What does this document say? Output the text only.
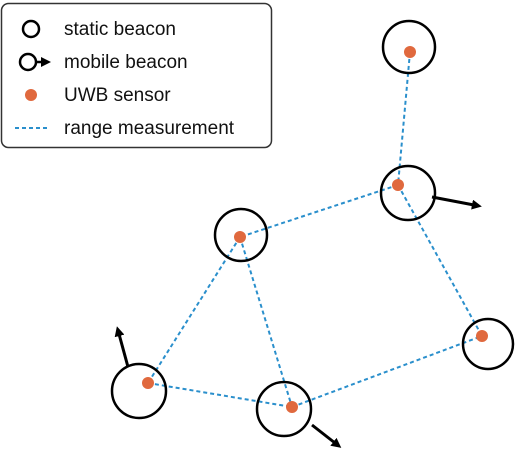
static beacon
mobile beacon
UWB sensor
range measurement
